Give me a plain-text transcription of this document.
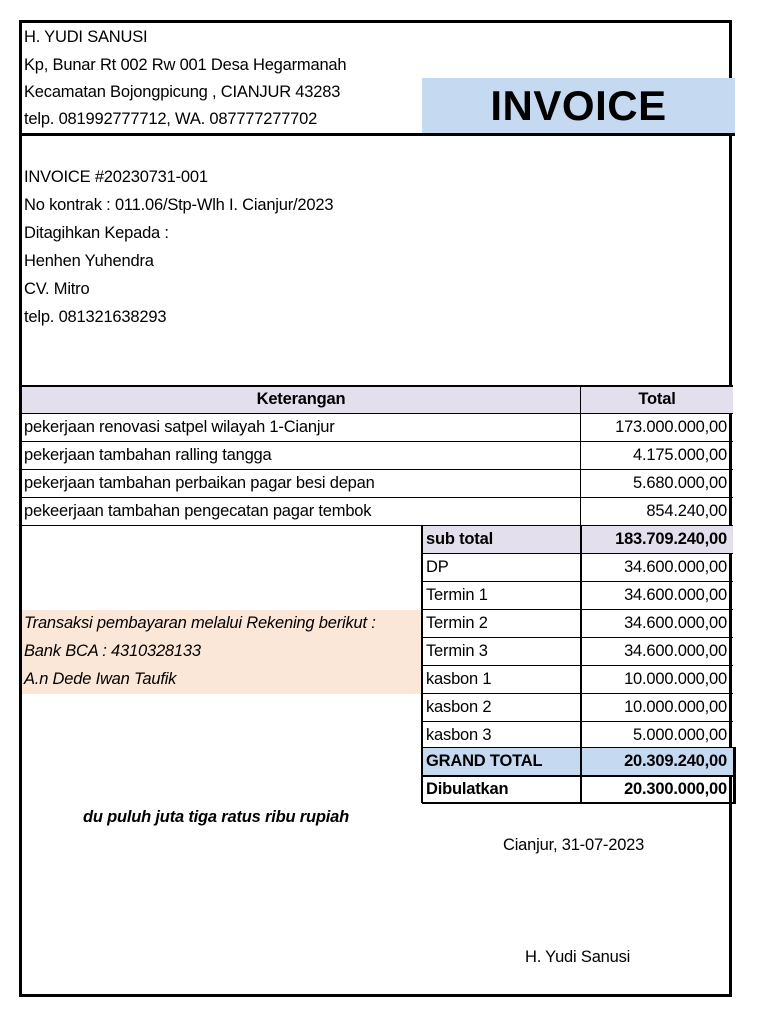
H. YUDI SANUSI
Kp, Bunar Rt 002 Rw 001 Desa Hegarmanah
Kecamatan Bojongpicung , CIANJUR 43283
telp. 081992777712, WA. 087777277702	INVOICE
INVOICE #20230731-001
No kontrak : 011.06/Stp-Wlh I. Cianjur/2023
Ditagihkan Kepada :
Henhen Yuhendra
CV. Mitro
telp. 081321638293
Keterangan	Total
pekerjaan renovasi satpel wilayah 1-Cianjur	173.000.000,00
pekerjaan tambahan ralling tangga	4.175.000,00
pekerjaan tambahan perbaikan pagar besi depan	5.680.000,00
pekeerjaan tambahan pengecatan pagar tembok	854.240,00
sub total	183.709.240,00
DP	34.600.000,00
Termin 1	34.600.000,00
Termin 2	34.600.000,00
Termin 3	34.600.000,00
kasbon 1	10.000.000,00
kasbon 2	10.000.000,00
kasbon 3	5.000.000,00
GRAND TOTAL	20.309.240,00
Dibulatkan	20.300.000,00
Transaksi pembayaran melalui Rekening berikut :
Bank BCA : 4310328133
A.n Dede Iwan Taufik
du puluh juta tiga ratus ribu rupiah
Cianjur, 31-07-2023
H. Yudi Sanusi
